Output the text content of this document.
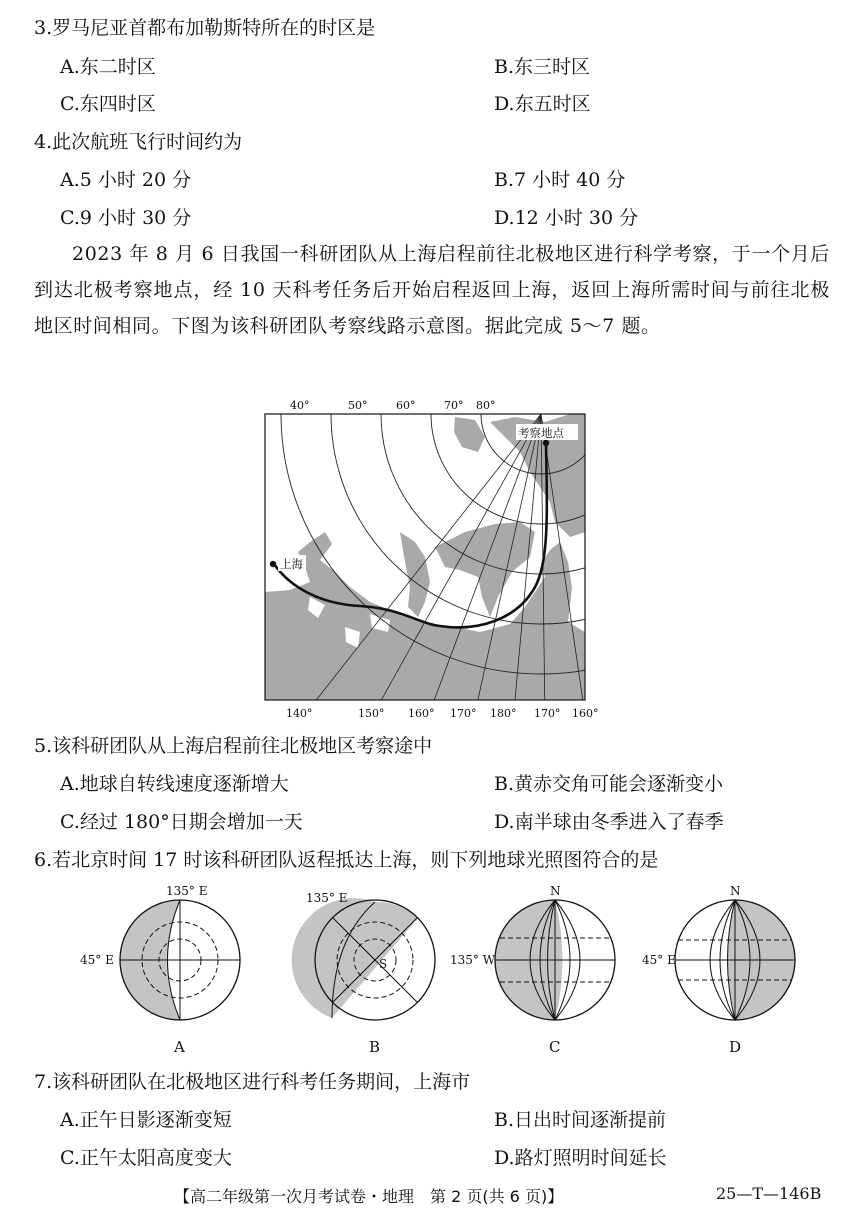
3.罗马尼亚首都布加勒斯特所在的时区是
A.东二时区	B.东三时区
C.东四时区	D.东五时区
4.此次航班飞行时间约为
A.5 小时 20 分	B.7 小时 40 分
C.9 小时 30 分	D.12 小时 30 分
2023 年 8 月 6 日我国一科研团队从上海启程前往北极地区进行科学考察，于一个月后到达北极考察地点，经 10 天科考任务后开始启程返回上海，返回上海所需时间与前往北极地区时间相同。下图为该科研团队考察线路示意图。据此完成 5～7 题。
上海
考察地点
40°	50°	60°	70° 80°
140°	150° 160° 170° 180° 170° 160°
5.该科研团队从上海启程前往北极地区考察途中
A.地球自转线速度逐渐增大	B.黄赤交角可能会逐渐变小
C.经过 180°日期会增加一天	D.南半球由冬季进入了春季
6.若北京时间 17 时该科研团队返程抵达上海，则下列地球光照图符合的是
135° E
45° E
A
135° E
S
B
N
135° W
C
N
45° E
D
7.该科研团队在北极地区进行科考任务期间，上海市
A.正午日影逐渐变短	B.日出时间逐渐提前
C.正午太阳高度变大	D.路灯照明时间延长
【高二年级第一次月考试卷・地理　第 2 页(共 6 页)】	25—T—146B
